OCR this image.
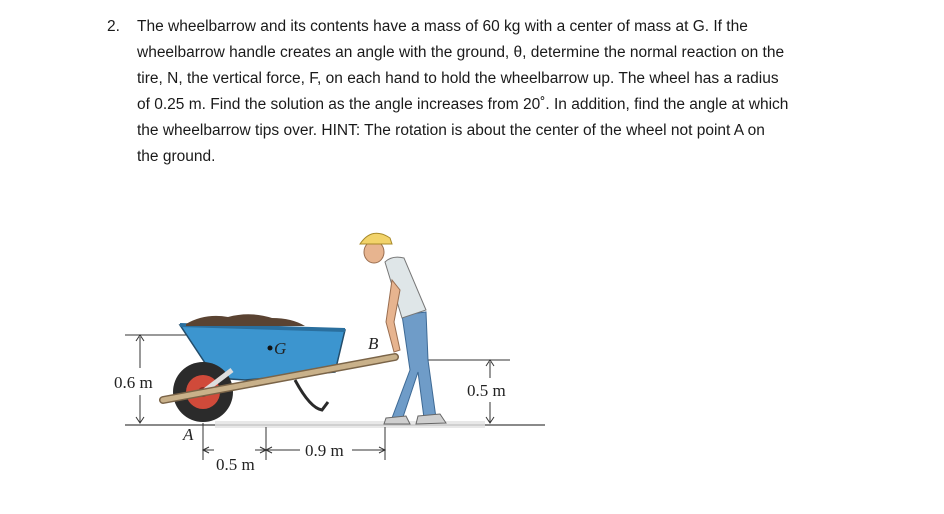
2. The wheelbarrow and its contents have a mass of 60 kg with a center of mass at G. If the
wheelbarrow handle creates an angle with the ground, θ, determine the normal reaction on the
tire, N, the vertical force, F, on each hand to hold the wheelbarrow up. The wheel has a radius
of 0.25 m. Find the solution as the angle increases from 20˚. In addition, find the angle at which
the wheelbarrow tips over. HINT: The rotation is about the center of the wheel not point A on
the ground.
0.6 m	0.5 m
0.5 m
0.9 m
A
G	B
